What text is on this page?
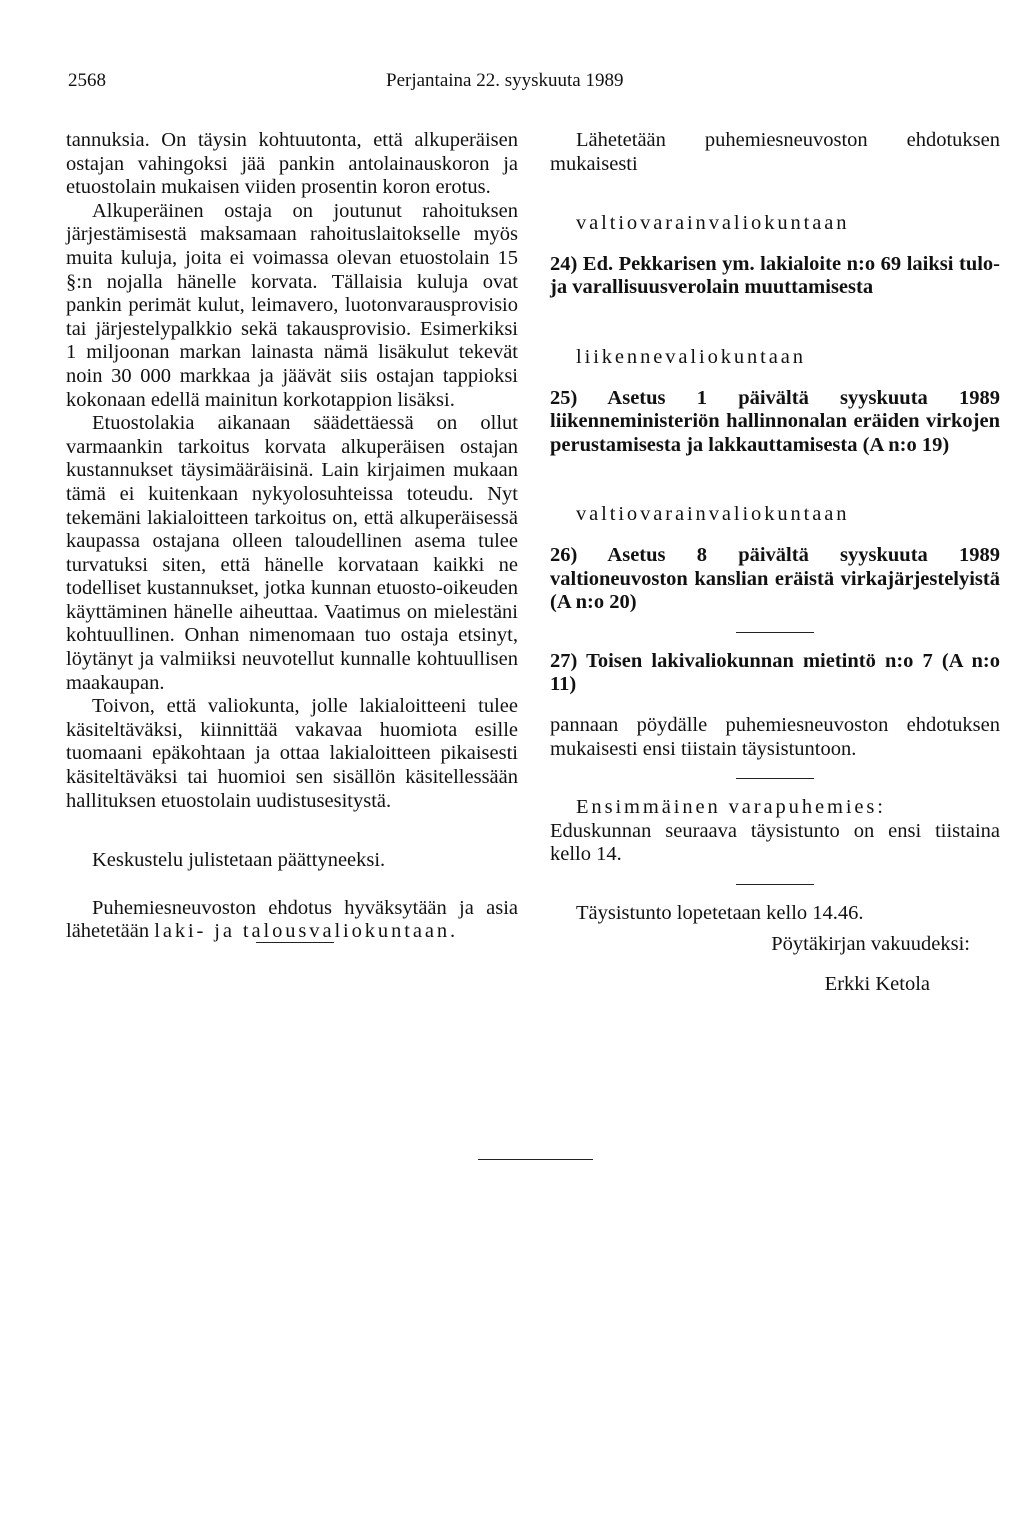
2568	Perjantaina 22. syyskuuta 1989

tannuksia. On täysin kohtuutonta, että alkuperäisen ostajan vahingoksi jää pankin antolainauskoron ja etuostolain mukaisen viiden prosentin koron erotus.

Alkuperäinen ostaja on joutunut rahoituksen järjestämisestä maksamaan rahoituslaitokselle myös muita kuluja, joita ei voimassa olevan etuostolain 15 §:n nojalla hänelle korvata. Tällaisia kuluja ovat pankin perimät kulut, leimavero, luotonvarausprovisio tai järjestelypalkkio sekä takausprovisio. Esimerkiksi 1 miljoonan markan lainasta nämä lisäkulut tekevät noin 30 000 markkaa ja jäävät siis ostajan tappioksi kokonaan edellä mainitun korkotappion lisäksi.

Etuostolakia aikanaan säädettäessä on ollut varmaankin tarkoitus korvata alkuperäisen ostajan kustannukset täysimääräisinä. Lain kirjaimen mukaan tämä ei kuitenkaan nykyolosuhteissa toteudu. Nyt tekemäni lakialoitteen tarkoitus on, että alkuperäisessä kaupassa ostajana olleen taloudellinen asema tulee turvatuksi siten, että hänelle korvataan kaikki ne todelliset kustannukset, jotka kunnan etuosto-oikeuden käyttäminen hänelle aiheuttaa. Vaatimus on mielestäni kohtuullinen. Onhan nimenomaan tuo ostaja etsinyt, löytänyt ja valmiiksi neuvotellut kunnalle kohtuullisen maakaupan.

Toivon, että valiokunta, jolle lakialoitteeni tulee käsiteltäväksi, kiinnittää vakavaa huomiota esille tuomaani epäkohtaan ja ottaa lakialoitteen pikaisesti käsiteltäväksi tai huomioi sen sisällön käsitellessään hallituksen etuostolain uudistusesitystä.

Keskustelu julistetaan päättyneeksi.

Puhemiesneuvoston ehdotus hyväksytään ja asia lähetetään laki- ja talousvaliokuntaan.

Lähetetään puhemiesneuvoston ehdotuksen mukaisesti

valtiovarainvaliokuntaan

24) Ed. Pekkarisen ym. lakialoite n:o 69 laiksi tulo- ja varallisuusverolain muuttamisesta

liikennevaliokuntaan

25) Asetus 1 päivältä syyskuuta 1989 liikenneministeriön hallinnonalan eräiden virkojen perustamisesta ja lakkauttamisesta (A n:o 19)

valtiovarainvaliokuntaan

26) Asetus 8 päivältä syyskuuta 1989 valtioneuvoston kanslian eräistä virkajärjestelyistä (A n:o 20)

27) Toisen lakivaliokunnan mietintö n:o 7 (A n:o 11)

pannaan pöydälle puhemiesneuvoston ehdotuksen mukaisesti ensi tiistain täysistuntoon.

Ensimmäinen varapuhemies:

Eduskunnan seuraava täysistunto on ensi tiistaina kello 14.

Täysistunto lopetetaan kello 14.46.

Pöytäkirjan vakuudeksi:

Erkki Ketola
